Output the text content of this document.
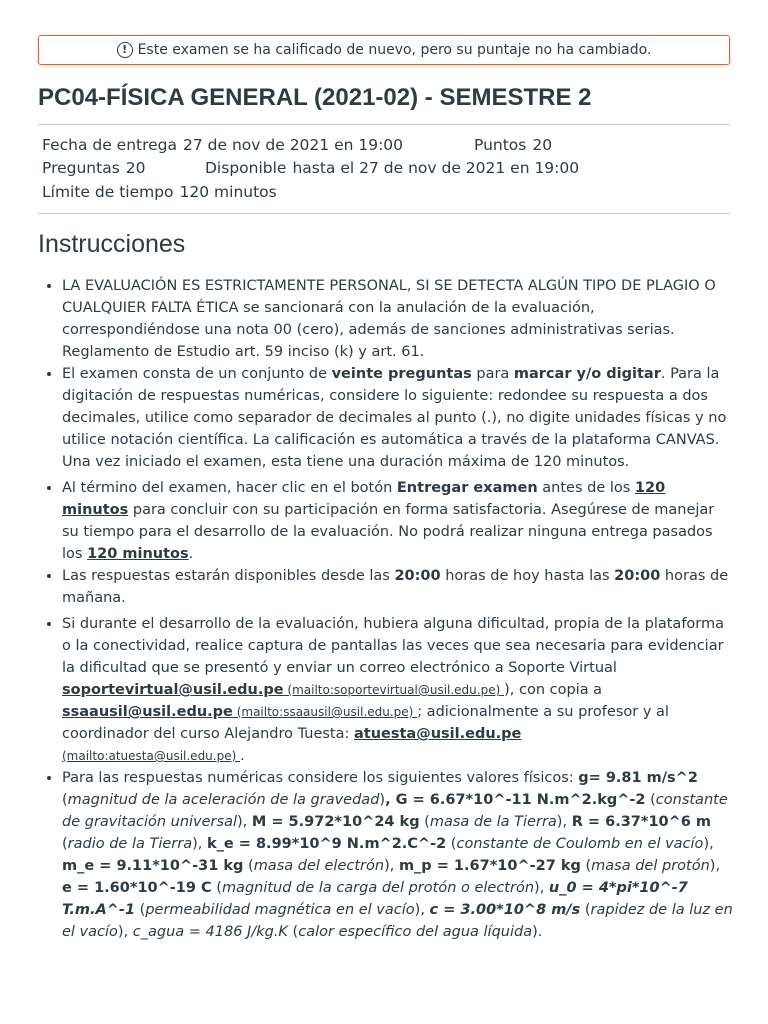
! Este examen se ha calificado de nuevo, pero su puntaje no ha cambiado.
PC04-FÍSICA GENERAL (2021-02) - SEMESTRE 2
Fecha de entrega 27 de nov de 2021 en 19:00	Puntos 20
Preguntas 20	Disponible hasta el 27 de nov de 2021 en 19:00
Límite de tiempo 120 minutos
Instrucciones
• LA EVALUACIÓN ES ESTRICTAMENTE PERSONAL, SI SE DETECTA ALGÚN TIPO DE PLAGIO O CUALQUIER FALTA ÉTICA se sancionará con la anulación de la evaluación, correspondiéndose una nota 00 (cero), además de sanciones administrativas serias. Reglamento de Estudio art. 59 inciso (k) y art. 61.
• El examen consta de un conjunto de veinte preguntas para marcar y/o digitar. Para la digitación de respuestas numéricas, considere lo siguiente: redondee su respuesta a dos decimales, utilice como separador de decimales al punto (.), no digite unidades físicas y no utilice notación científica. La calificación es automática a través de la plataforma CANVAS. Una vez iniciado el examen, esta tiene una duración máxima de 120 minutos.
• Al término del examen, hacer clic en el botón Entregar examen antes de los 120 minutos para concluir con su participación en forma satisfactoria. Asegúrese de manejar su tiempo para el desarrollo de la evaluación. No podrá realizar ninguna entrega pasados los 120 minutos.
• Las respuestas estarán disponibles desde las 20:00 horas de hoy hasta las 20:00 horas de mañana.
• Si durante el desarrollo de la evaluación, hubiera alguna dificultad, propia de la plataforma o la conectividad, realice captura de pantallas las veces que sea necesaria para evidenciar la dificultad que se presentó y enviar un correo electrónico a Soporte Virtual soportevirtual@usil.edu.pe (mailto:soportevirtual@usil.edu.pe) ), con copia a ssaausil@usil.edu.pe (mailto:ssaausil@usil.edu.pe) ; adicionalmente a su profesor y al coordinador del curso Alejandro Tuesta: atuesta@usil.edu.pe
(mailto:atuesta@usil.edu.pe) .
• Para las respuestas numéricas considere los siguientes valores físicos: g= 9.81 m/s^2 (magnitud de la aceleración de la gravedad), G = 6.67*10^-11 N.m^2.kg^-2 (constante de gravitación universal), M = 5.972*10^24 kg (masa de la Tierra), R = 6.37*10^6 m (radio de la Tierra), k_e = 8.99*10^9 N.m^2.C^-2 (constante de Coulomb en el vacío), m_e = 9.11*10^-31 kg (masa del electrón), m_p = 1.67*10^-27 kg (masa del protón), e = 1.60*10^-19 C (magnitud de la carga del protón o electrón), u_0 = 4*pi*10^-7 T.m.A^-1 (permeabilidad magnética en el vacío), c = 3.00*10^8 m/s (rapidez de la luz en el vacío), c_agua = 4186 J/kg.K (calor específico del agua líquida).
